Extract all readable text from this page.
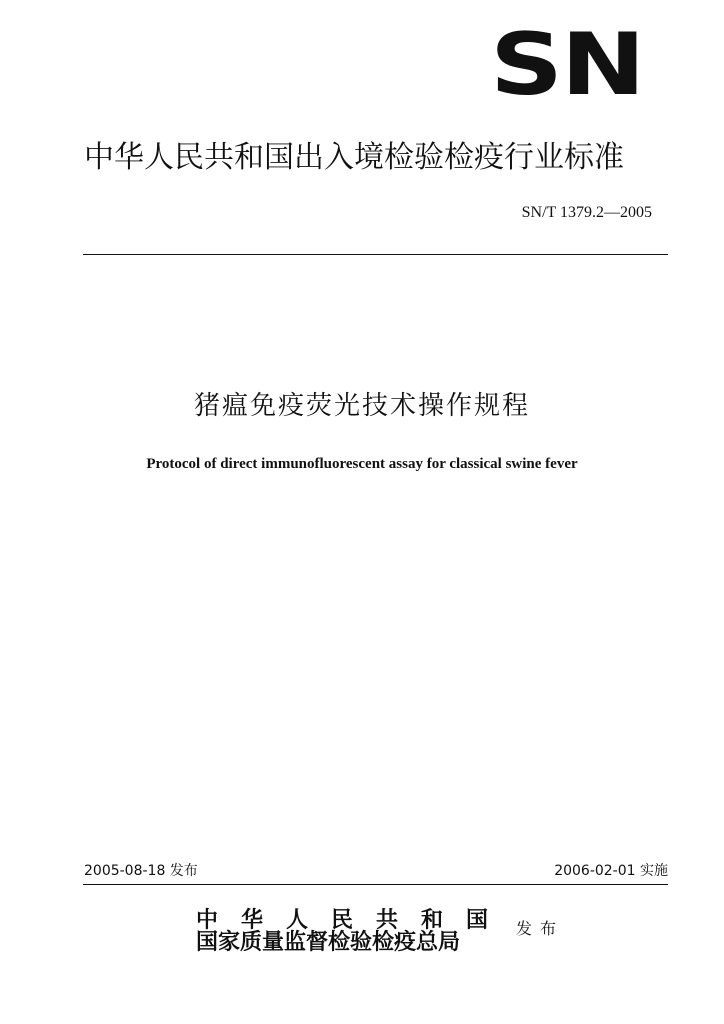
SN
中华人民共和国出入境检验检疫行业标准
SN/T 1379.2—2005
猪瘟免疫荧光技术操作规程
Protocol of direct immunofluorescent assay for classical swine fever
2005-08-18 发布	2006-02-01 实施
中华人民共和国
国家质量监督检验检疫总局
发布
